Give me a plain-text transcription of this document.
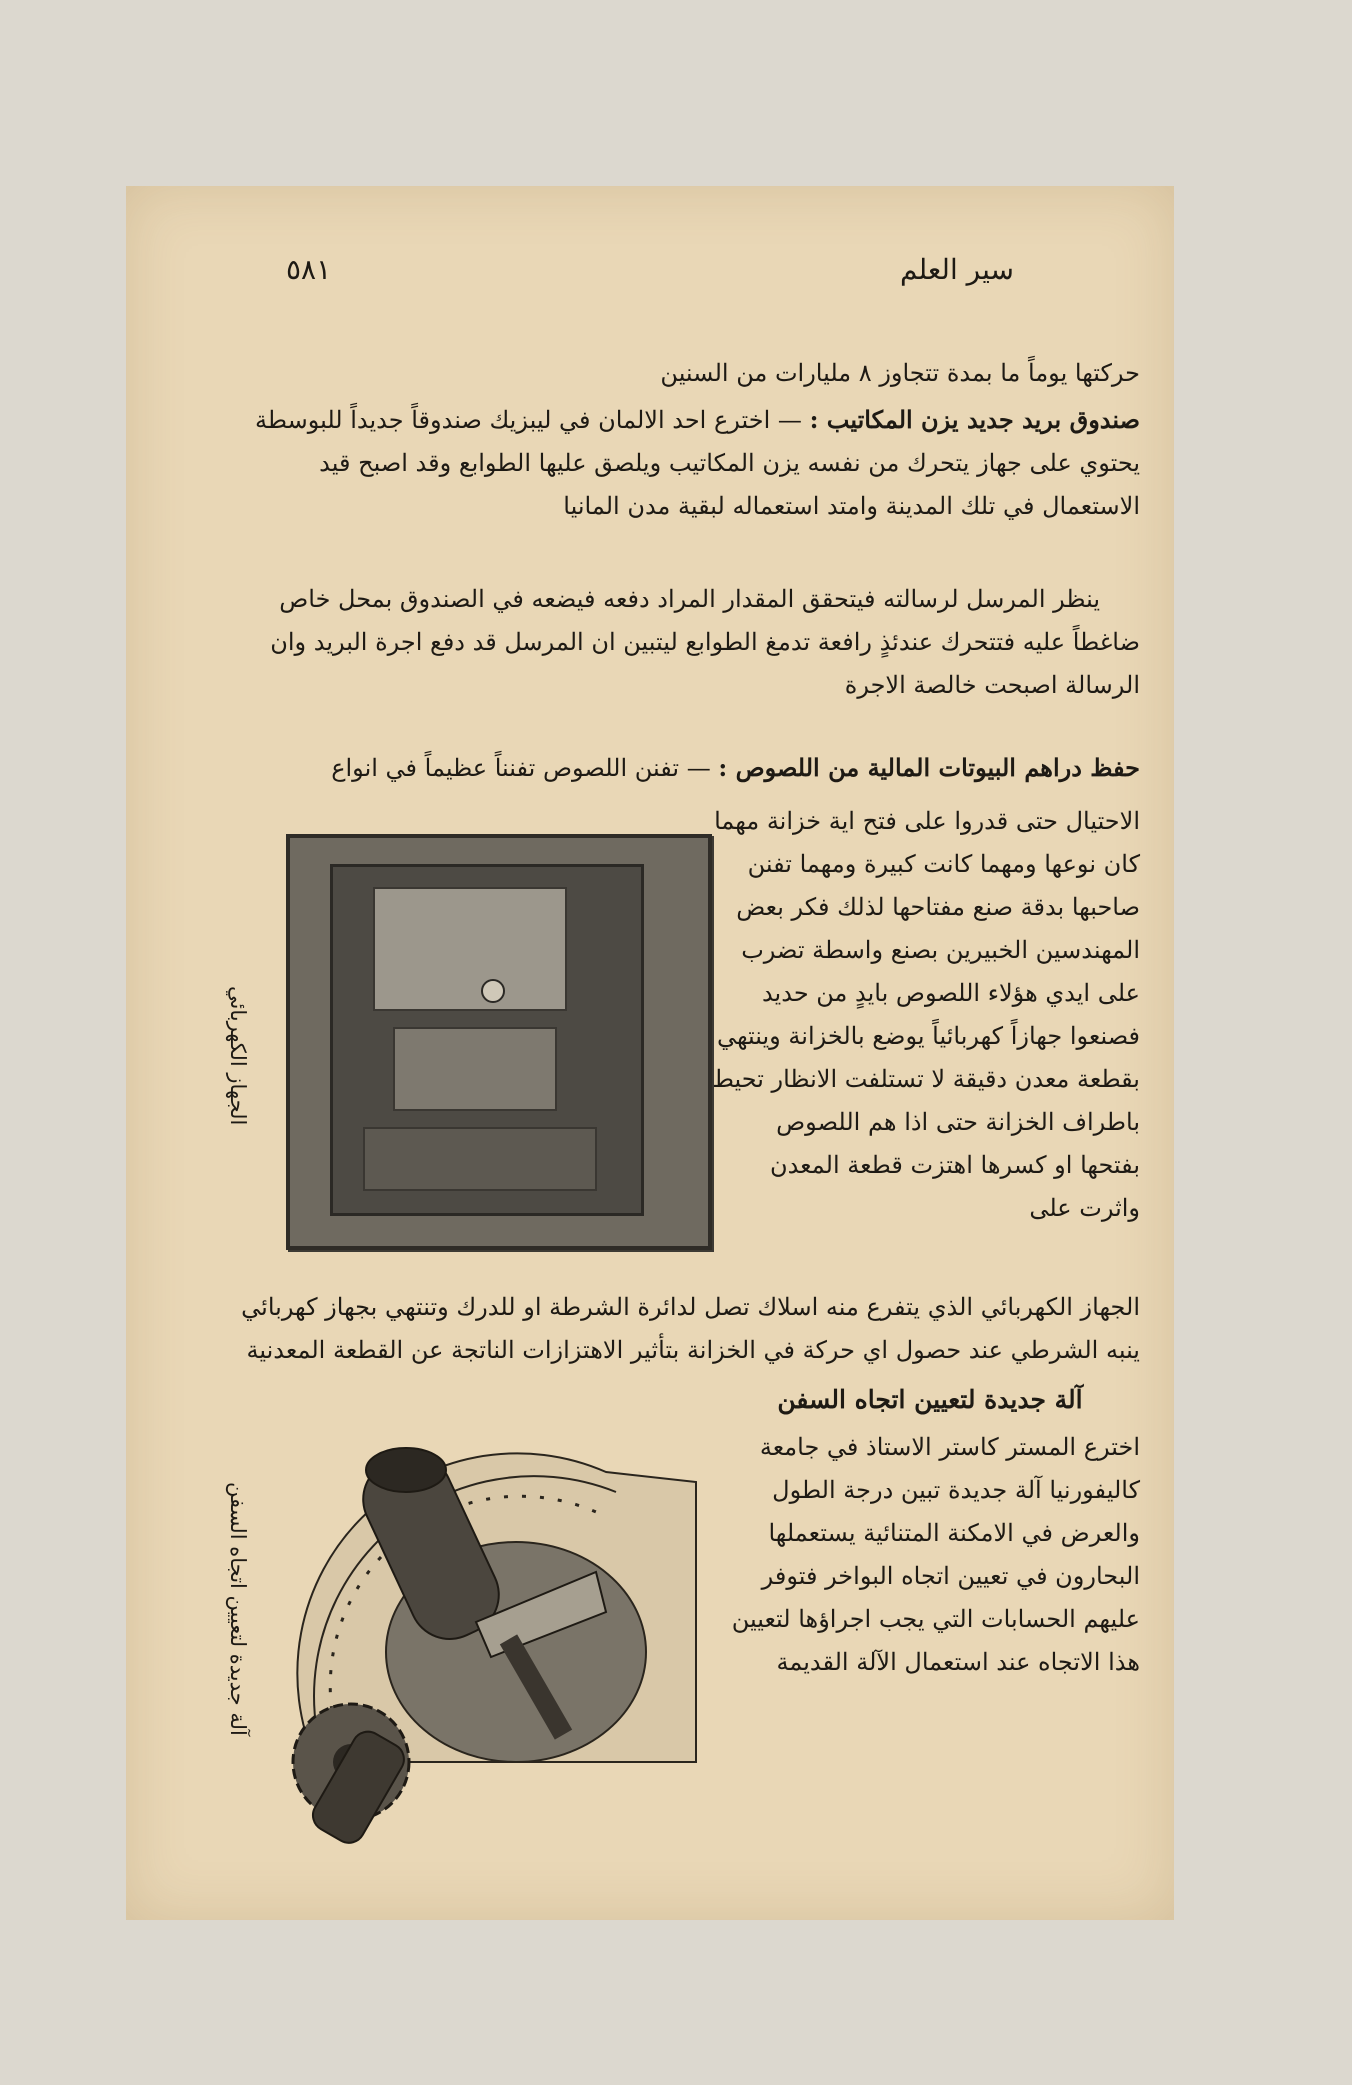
سير العلم
٥٨١
حركتها يوماً ما بمدة تتجاوز ٨ مليارات من السنين
صندوق بريد جديد يزن المكاتيب : — اخترع احد الالمان في ليبزيك صندوقاً جديداً للبوسطة يحتوي على جهاز يتحرك من نفسه يزن المكاتيب ويلصق عليها الطوابع وقد اصبح قيد الاستعمال في تلك المدينة وامتد استعماله لبقية مدن المانيا
ينظر المرسل لرسالته فيتحقق المقدار المراد دفعه فيضعه في الصندوق بمحل خاص ضاغطاً عليه فتتحرك عندئذٍ رافعة تدمغ الطوابع ليتبين ان المرسل قد دفع اجرة البريد وان الرسالة اصبحت خالصة الاجرة
حفظ دراهم البيوتات المالية من اللصوص : — تفنن اللصوص تفنناً عظيماً في انواع
الاحتيال حتى قدروا على فتح اية خزانة مهما كان نوعها ومهما كانت كبيرة ومهما تفنن صاحبها بدقة صنع مفتاحها لذلك فكر بعض المهندسين الخبيرين بصنع واسطة تضرب على ايدي هؤلاء اللصوص بايدٍ من حديد فصنعوا جهازاً كهربائياً يوضع بالخزانة وينتهي بقطعة معدن دقيقة لا تستلفت الانظار تحيط باطراف الخزانة حتى اذا هم اللصوص بفتحها او كسرها اهتزت قطعة المعدن واثرت على
الجهاز الكهربائي
الجهاز الكهربائي الذي يتفرع منه اسلاك تصل لدائرة الشرطة او للدرك وتنتهي بجهاز كهربائي ينبه الشرطي عند حصول اي حركة في الخزانة بتأثير الاهتزازات الناتجة عن القطعة المعدنية
آلة جديدة لتعيين اتجاه السفن
اخترع المستر كاستر الاستاذ في جامعة كاليفورنيا آلة جديدة تبين درجة الطول والعرض في الامكنة المتنائية يستعملها البحارون في تعيين اتجاه البواخر فتوفر عليهم الحسابات التي يجب اجراؤها لتعيين هذا الاتجاه عند استعمال الآلة القديمة
آلة جديدة لتعيين اتجاه السفن
